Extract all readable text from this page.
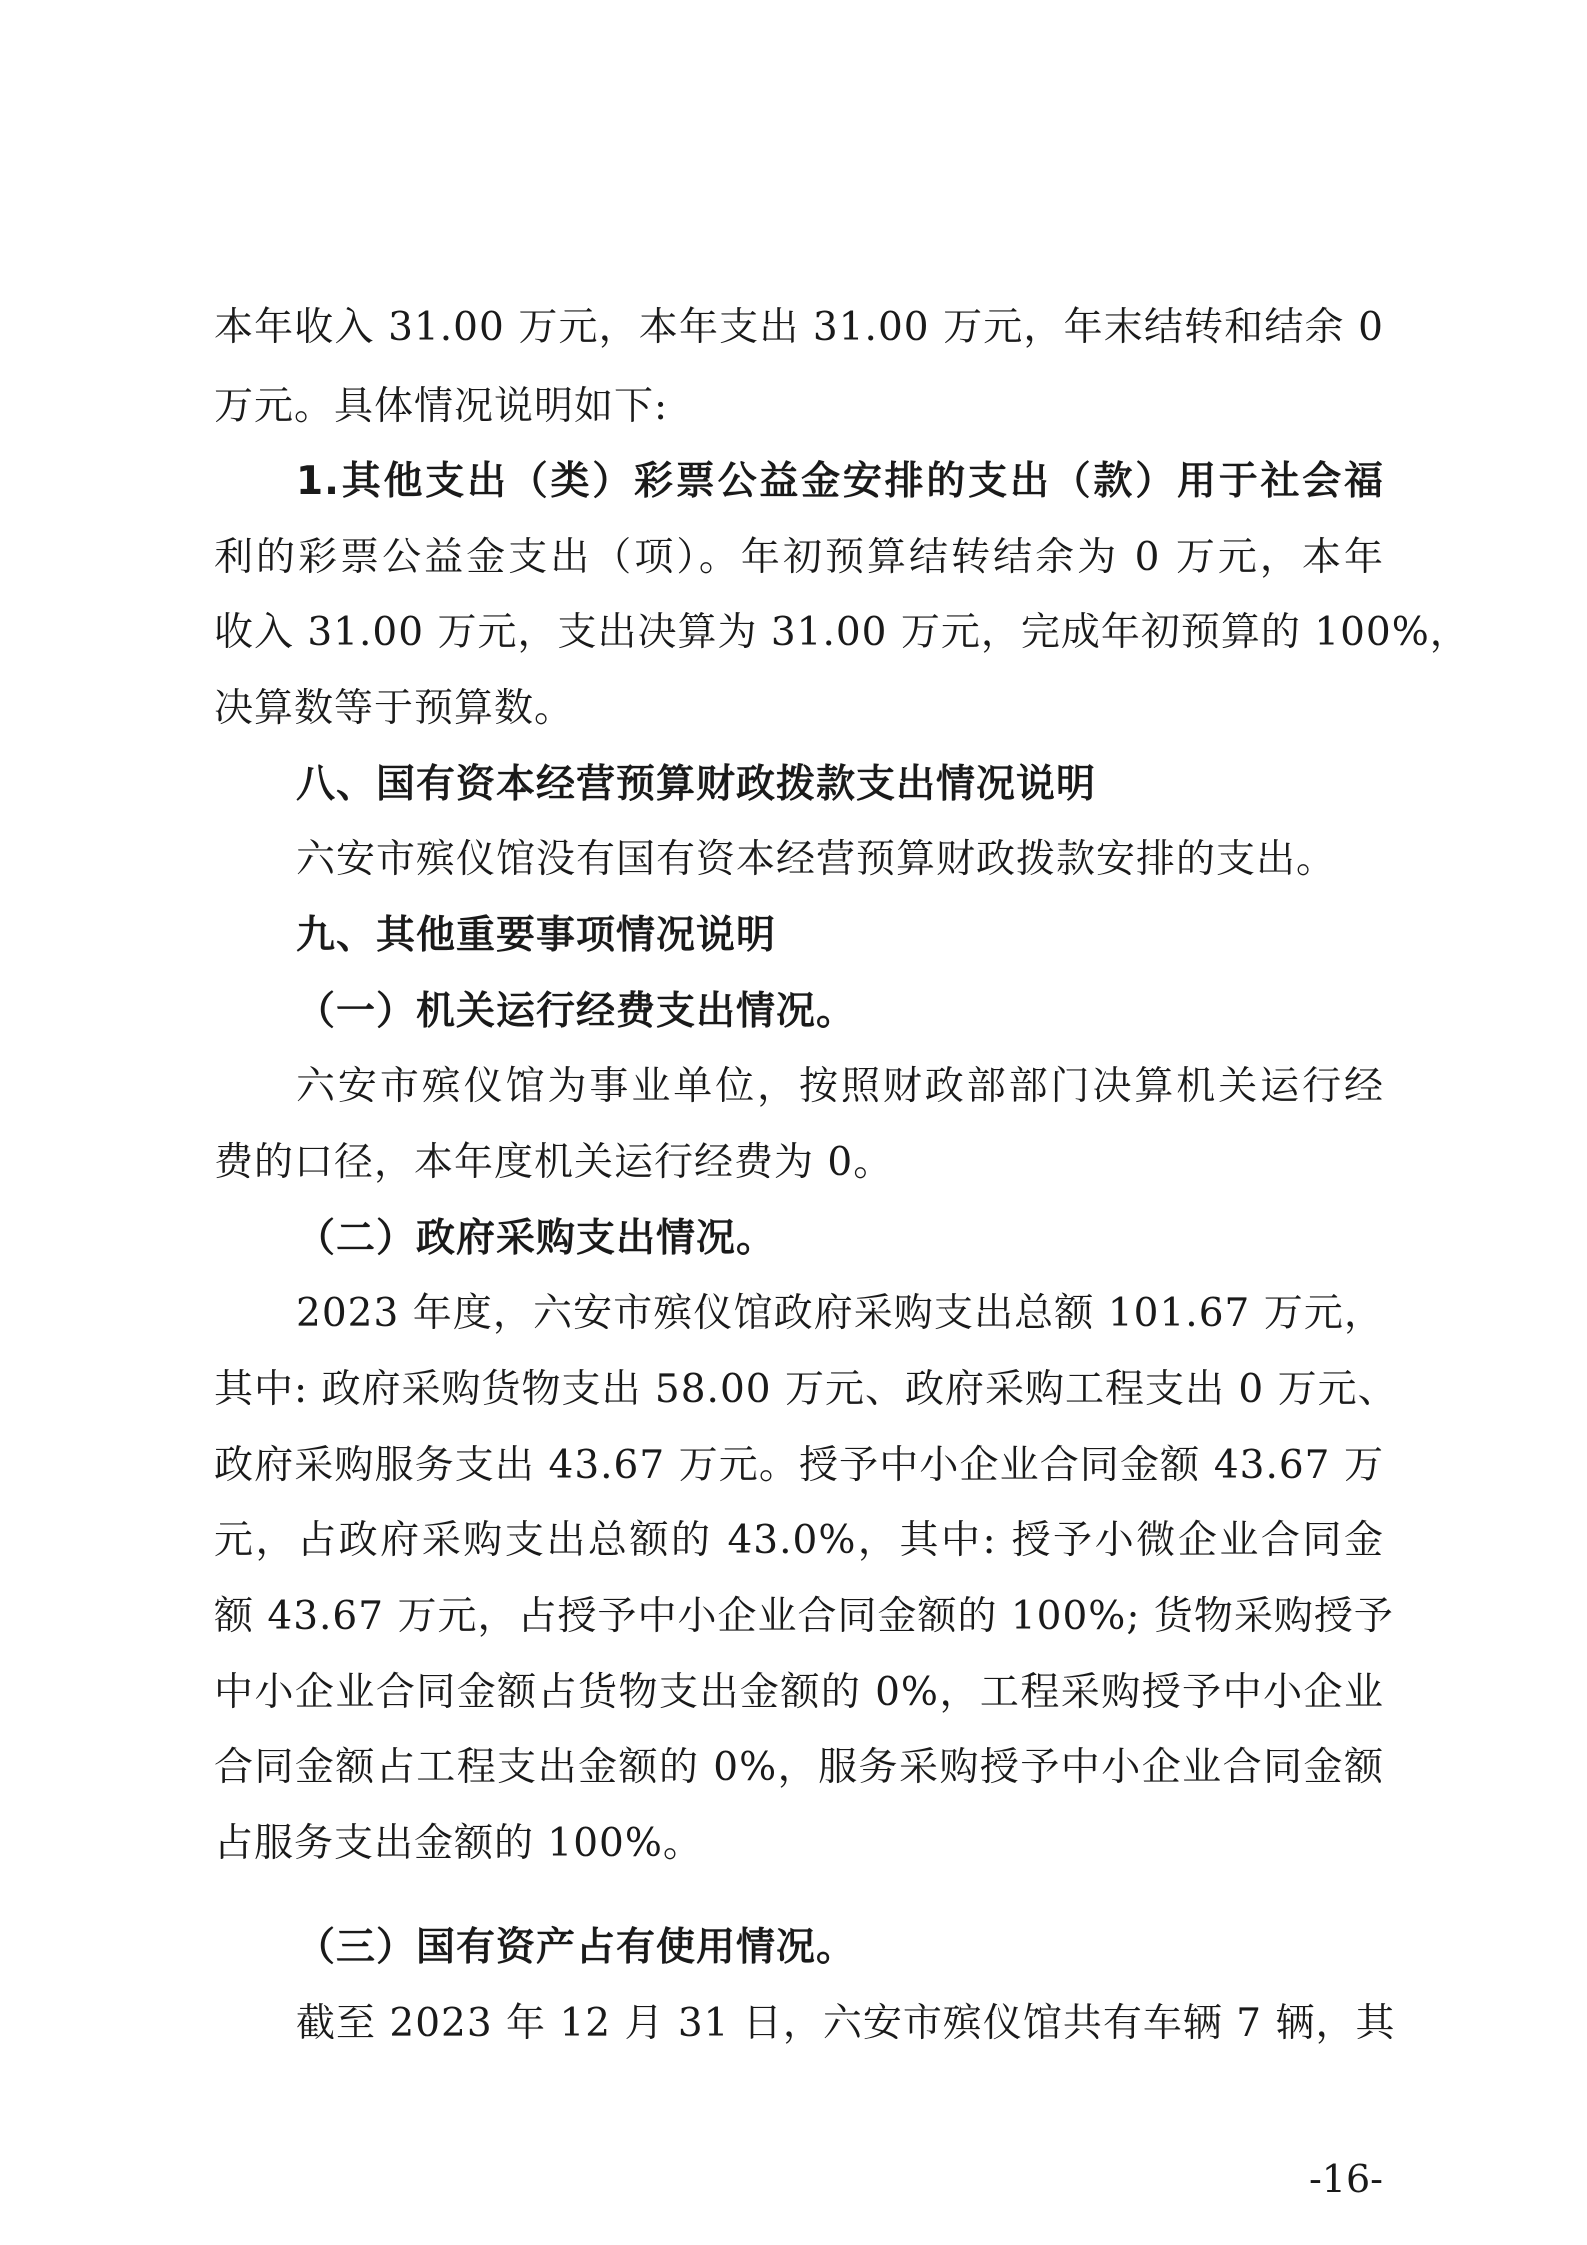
本年收入 31.00 万元，本年支出 31.00 万元，年末结转和结余 0
万元。具体情况说明如下:
1.其他支出（类）彩票公益金安排的支出（款）用于社会福
利的彩票公益金支出（项）。年初预算结转结余为 0 万元，本年
收入 31.00 万元，支出决算为 31.00 万元，完成年初预算的 100%，
决算数等于预算数。
八、国有资本经营预算财政拨款支出情况说明
六安市殡仪馆没有国有资本经营预算财政拨款安排的支出。
九、其他重要事项情况说明
（一）机关运行经费支出情况。
六安市殡仪馆为事业单位，按照财政部部门决算机关运行经
费的口径，本年度机关运行经费为 0。
（二）政府采购支出情况。
2023 年度，六安市殡仪馆政府采购支出总额 101.67 万元，
其中: 政府采购货物支出 58.00 万元、政府采购工程支出 0 万元、
政府采购服务支出 43.67 万元。授予中小企业合同金额 43.67 万
元，占政府采购支出总额的 43.0%，其中: 授予小微企业合同金
额 43.67 万元，占授予中小企业合同金额的 100%; 货物采购授予
中小企业合同金额占货物支出金额的 0%，工程采购授予中小企业
合同金额占工程支出金额的 0%，服务采购授予中小企业合同金额
占服务支出金额的 100%。
（三）国有资产占有使用情况。
截至 2023 年 12 月 31 日，六安市殡仪馆共有车辆 7 辆，其
-16-
